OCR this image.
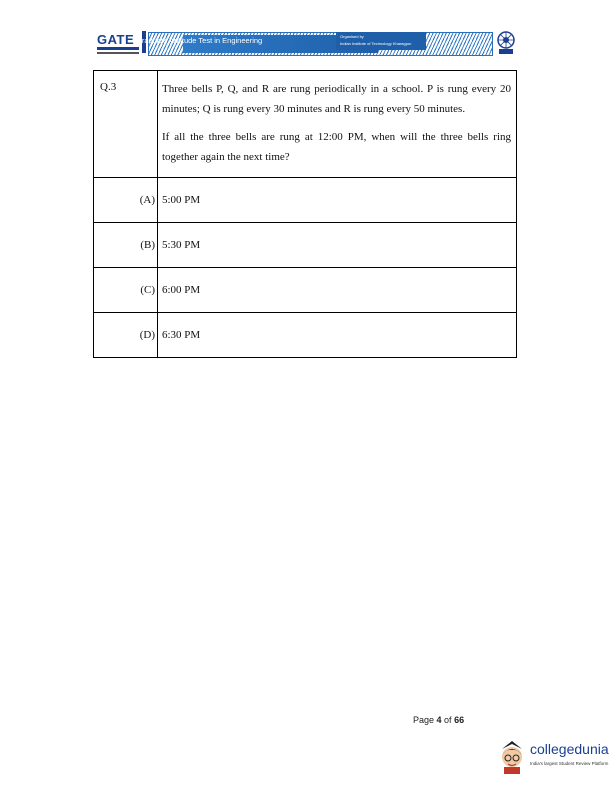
GATE Graduate Aptitude Test in Engineering	Organised by
Indian Institute of Technology Kharagpur
Q.3	Three bells P, Q, and R are rung periodically in a school. P is rung every 20 minutes; Q is rung every 30 minutes and R is rung every 50 minutes.

If all the three bells are rung at 12:00 PM, when will the three bells ring together again the next time?

(A)	5:00 PM
(B)	5:30 PM
(C)	6:00 PM
(D)	6:30 PM
Page 4 of 66
collegedunia
India's largest Student Review Platform
